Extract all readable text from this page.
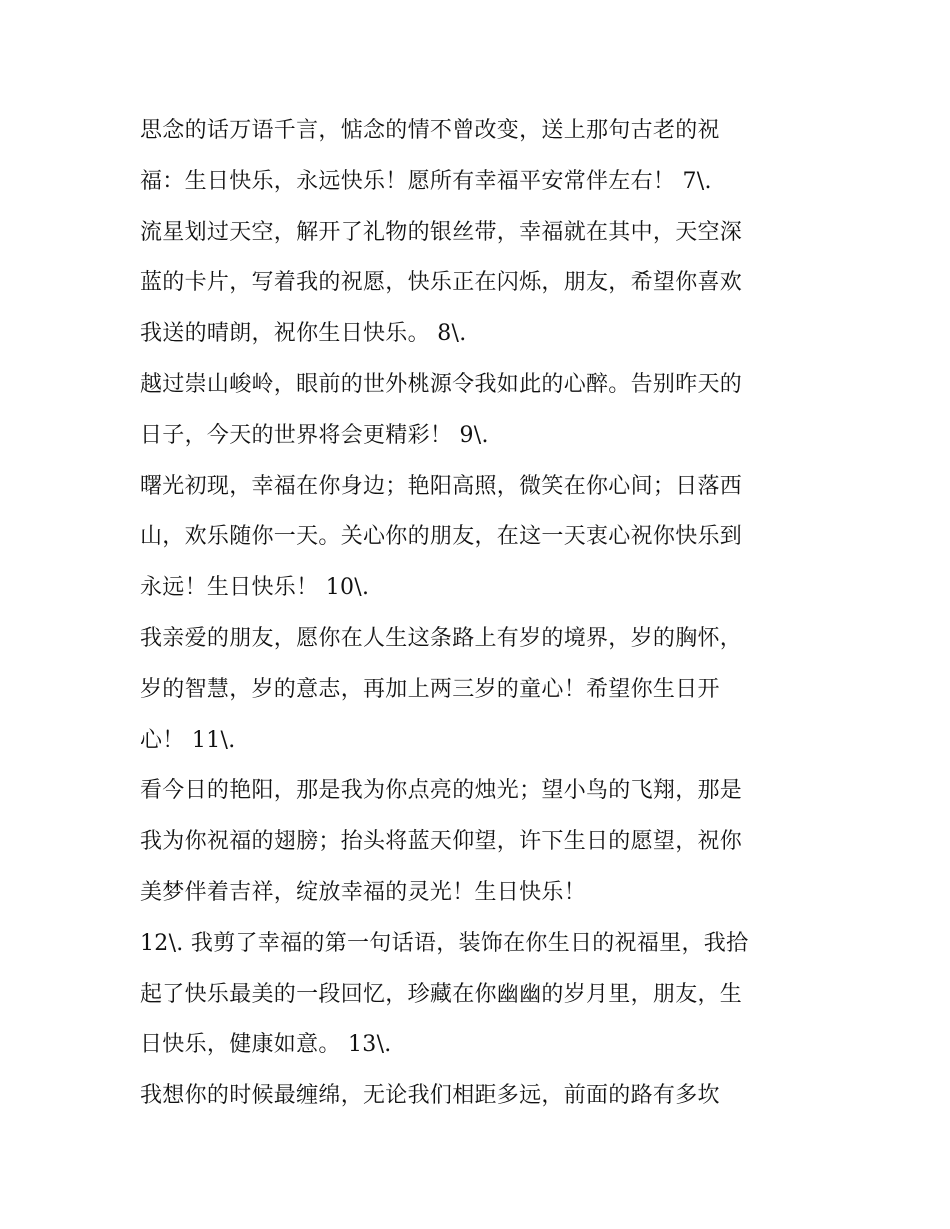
思念的话万语千言，惦念的情不曾改变，送上那句古老的祝
福：生日快乐，永远快乐！愿所有幸福平安常伴左右！ 7\.
流星划过天空，解开了礼物的银丝带，幸福就在其中，天空深
蓝的卡片，写着我的祝愿，快乐正在闪烁，朋友，希望你喜欢
我送的晴朗，祝你生日快乐。 8\.
越过崇山峻岭，眼前的世外桃源令我如此的心醉。告别昨天的
日子，今天的世界将会更精彩！ 9\.
曙光初现，幸福在你身边；艳阳高照，微笑在你心间；日落西
山，欢乐随你一天。关心你的朋友，在这一天衷心祝你快乐到
永远！生日快乐！ 10\.
我亲爱的朋友，愿你在人生这条路上有岁的境界，岁的胸怀，
岁的智慧，岁的意志，再加上两三岁的童心！希望你生日开
心！ 11\.
看今日的艳阳，那是我为你点亮的烛光；望小鸟的飞翔，那是
我为你祝福的翅膀；抬头将蓝天仰望，许下生日的愿望，祝你
美梦伴着吉祥，绽放幸福的灵光！生日快乐！
12\. 我剪了幸福的第一句话语，装饰在你生日的祝福里，我拾
起了快乐最美的一段回忆，珍藏在你幽幽的岁月里，朋友，生
日快乐，健康如意。 13\.
我想你的时候最缠绵，无论我们相距多远，前面的路有多坎
